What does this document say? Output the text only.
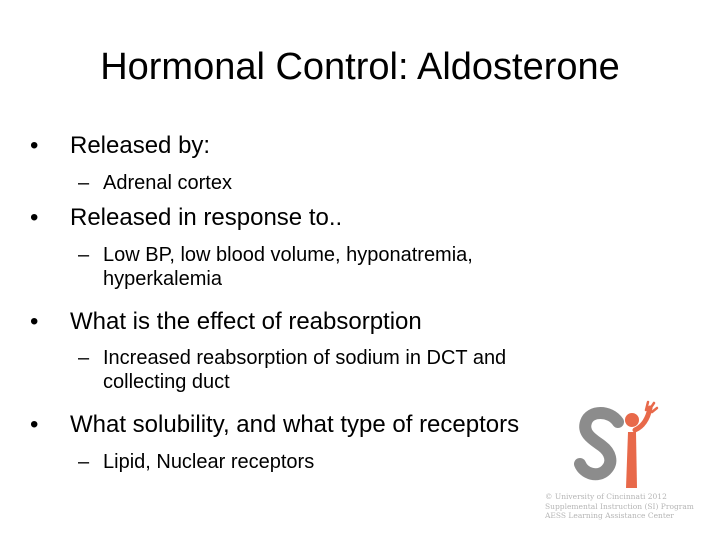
Hormonal Control: Aldosterone
• Released by:
– Adrenal cortex
• Released in response to..
– Low BP, low blood volume, hyponatremia, hyperkalemia
• What is the effect of reabsorption
– Increased reabsorption of sodium in DCT and collecting duct
• What solubility, and what type of receptors
– Lipid, Nuclear receptors
© University of Cincinnati 2012
Supplemental Instruction (SI) Program
AESS Learning Assistance Center
